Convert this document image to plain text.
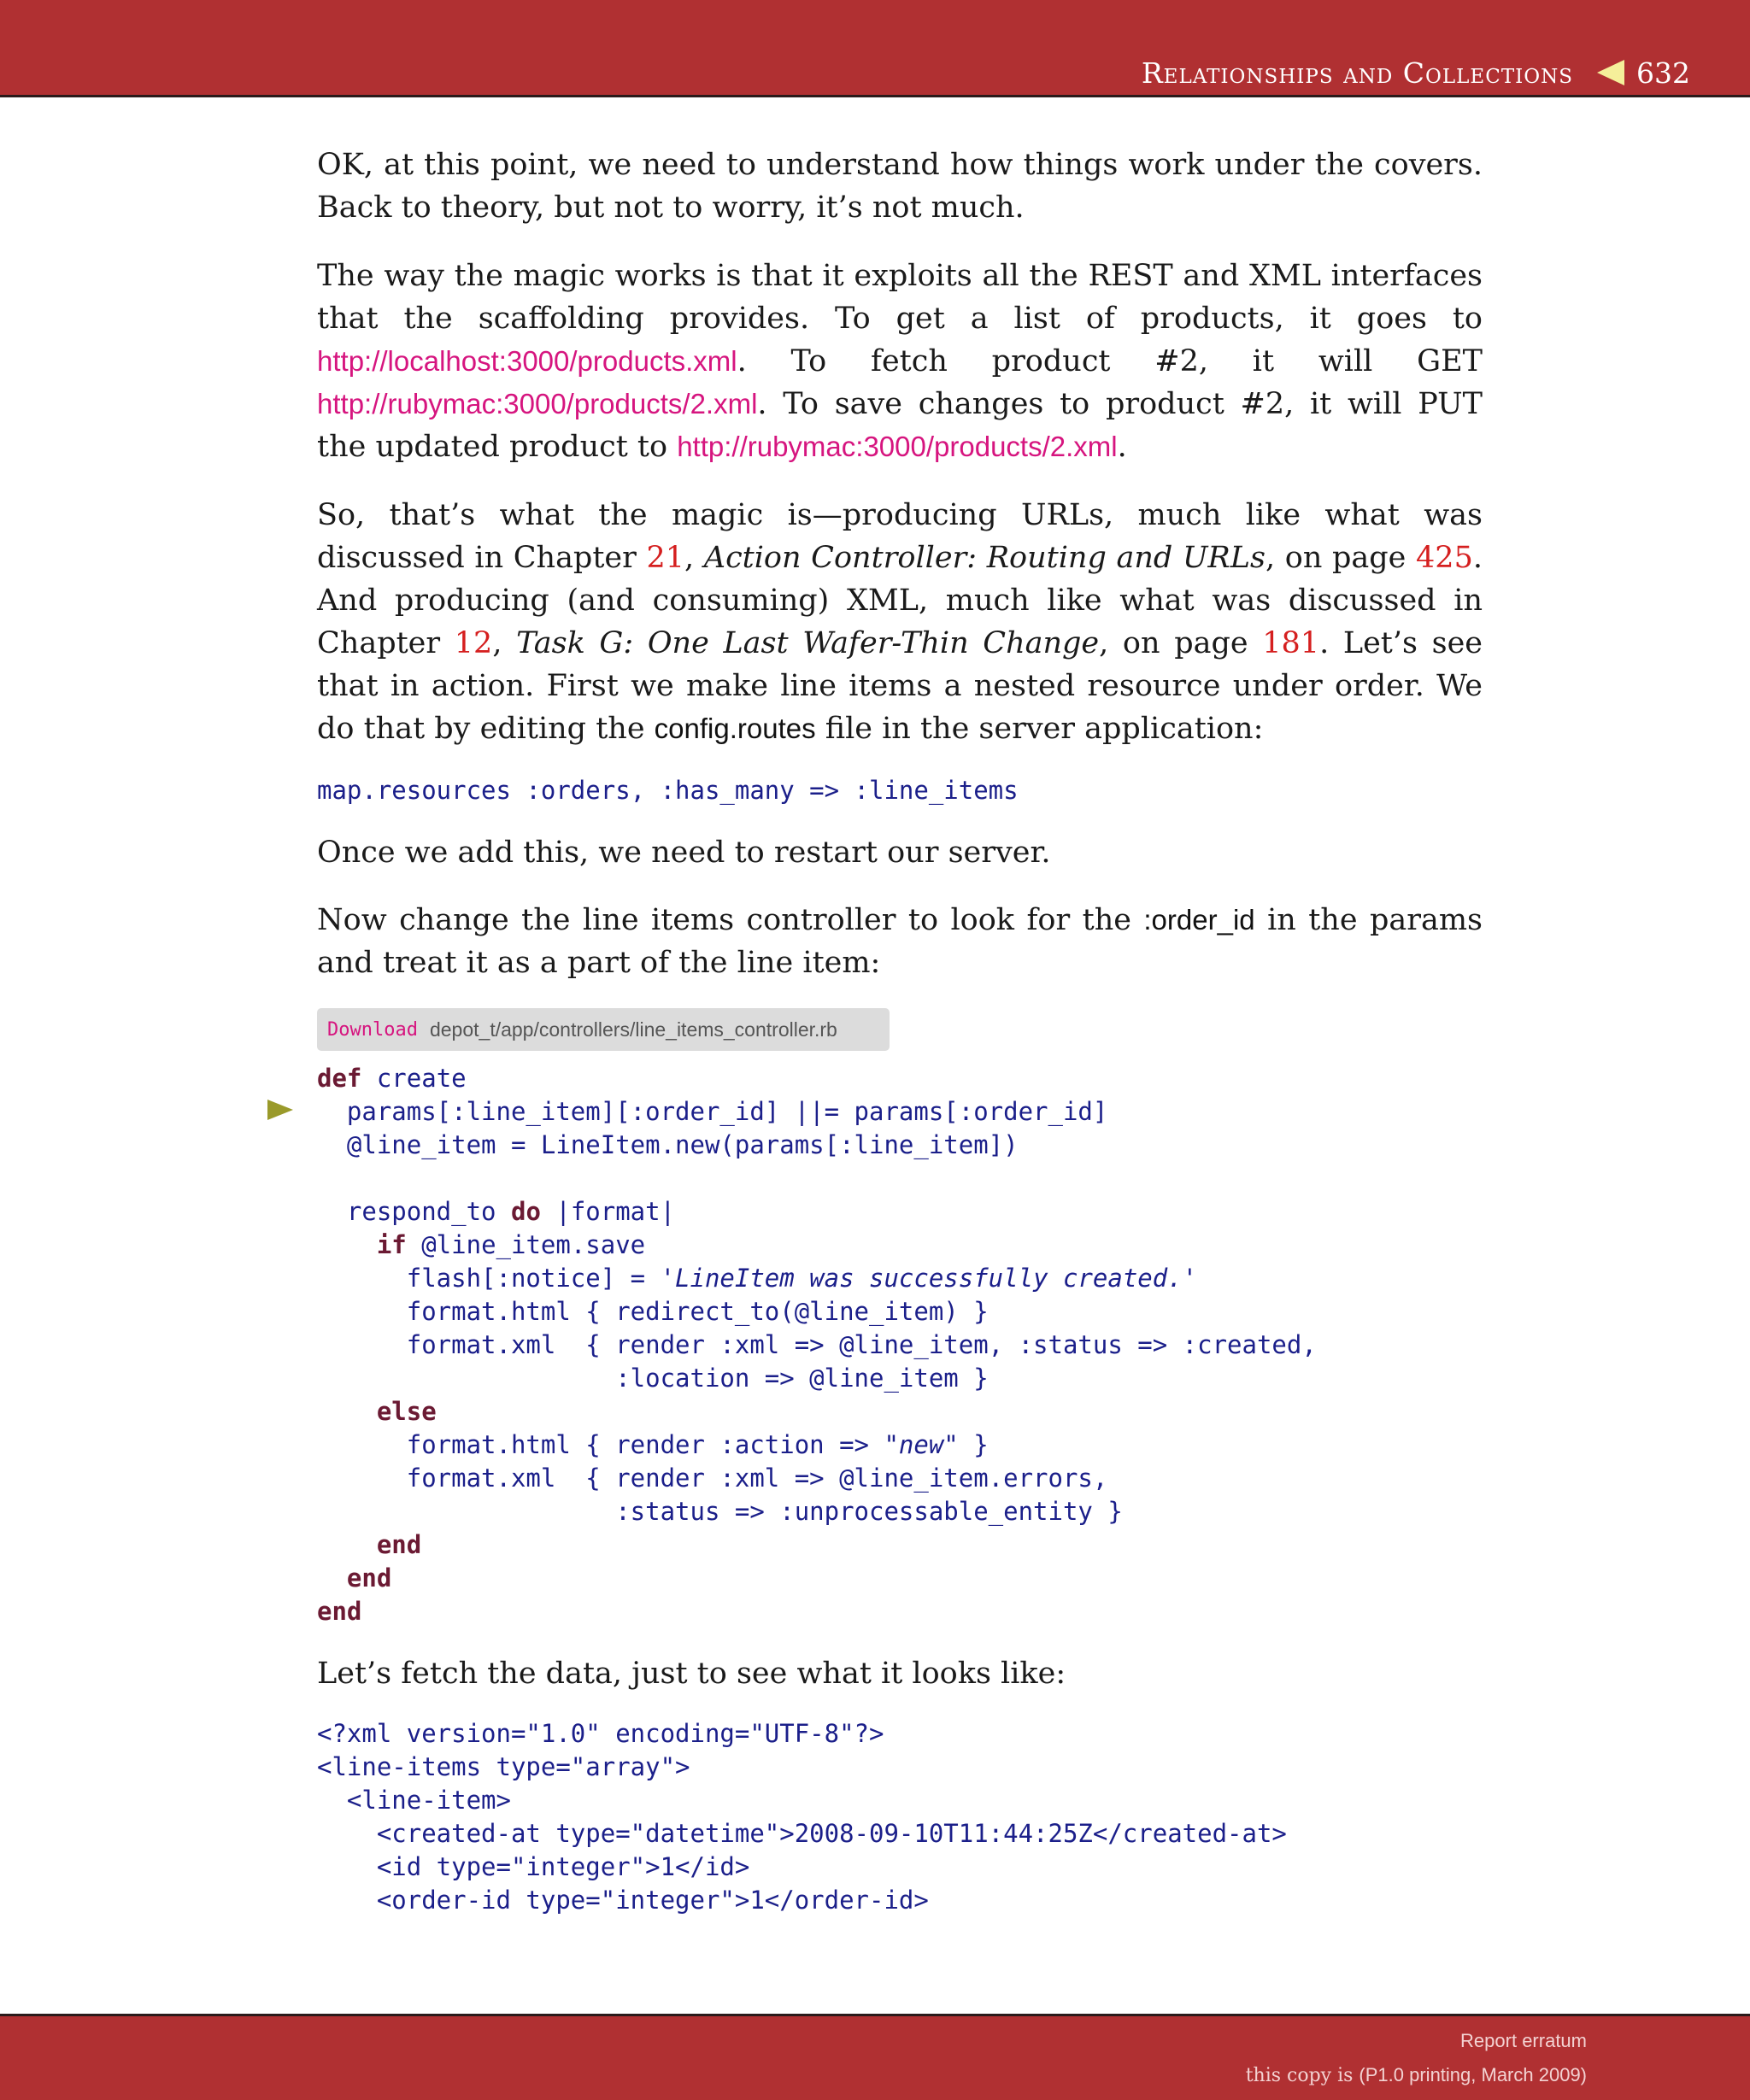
Relationships and Collections 632

OK, at this point, we need to understand how things work under the covers. Back to theory, but not to worry, it’s not much.

The way the magic works is that it exploits all the REST and XML interfaces that the scaffolding provides. To get a list of products, it goes to http://localhost:3000/products.xml. To fetch product #2, it will GET http://rubymac:3000/products/2.xml. To save changes to product #2, it will PUT the updated product to http://rubymac:3000/products/2.xml.

So, that’s what the magic is—producing URLs, much like what was discussed in Chapter 21, Action Controller: Routing and URLs, on page 425. And producing (and consuming) XML, much like what was discussed in Chapter 12, Task G: One Last Wafer-Thin Change, on page 181. Let’s see that in action. First we make line items a nested resource under order. We do that by editing the config.routes file in the server application:

map.resources :orders, :has_many => :line_items

Once we add this, we need to restart our server.

Now change the line items controller to look for the :order_id in the params and treat it as a part of the line item:

Download depot_t/app/controllers/line_items_controller.rb
def create
params[:line_item][:order_id] ||= params[:order_id]
@line_item = LineItem.new(params[:line_item])

respond_to do |format|
if @line_item.save
flash[:notice] = 'LineItem was successfully created.'
format.html { redirect_to(@line_item) }
format.xml  { render :xml => @line_item, :status => :created,
:location => @line_item }
else
format.html { render :action => "new" }
format.xml  { render :xml => @line_item.errors,
:status => :unprocessable_entity }
end
end
end

Let’s fetch the data, just to see what it looks like:

<?xml version="1.0" encoding="UTF-8"?>
<line-items type="array">
<line-item>
<created-at type="datetime">2008-09-10T11:44:25Z</created-at>
<id type="integer">1</id>
<order-id type="integer">1</order-id>
Report erratum
this copy is (P1.0 printing, March 2009)
